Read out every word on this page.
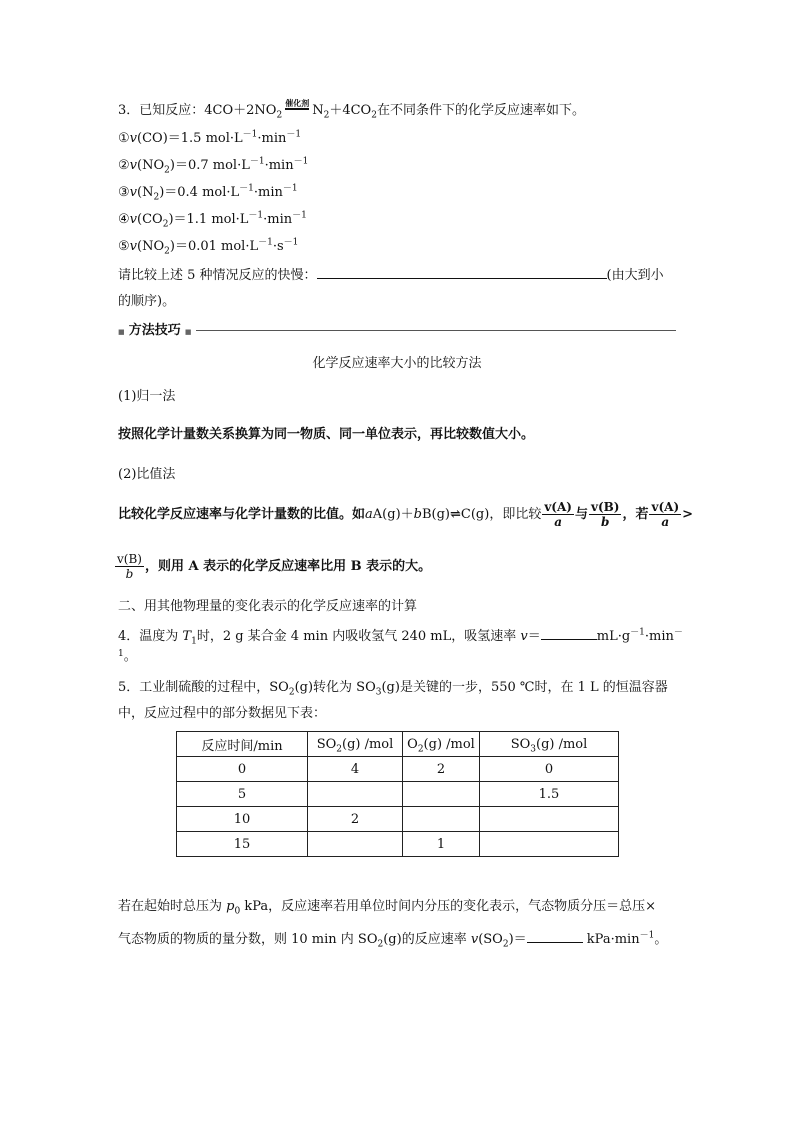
3．已知反应：$4CO+2NO_2$催化剂 $N_2+4CO_2$在不同条件下的化学反应速率如下。
①v(CO)＝1.5 $mol\cdot L^{-1}\cdot\min^{-1}$
$②v(NO_2)=0.7$ $mol\cdot L^{-1}\cdot\min^{-1}$
$③v(N_2)=0.4$ $mol\cdot L^{-1}\cdot\min^{-1}$
$④v(CO_2)=1.1$ $mol\cdot L^{-1}\cdot\min^{-1}$
$⑤v(NO_2)=0.01$ $mol\cdot L^{-1}\cdot s^{-1}$
请比较上述 5 种情况反应的快慢：	(由大到小
的顺序)。
■ 方法技巧 ■
化学反应速率大小的比较方法
(1)归一法
按照化学计量数关系换算为同一物质、同一单位表示，再比较数值大小。
(2)比值法
比较化学反应速率与化学计量数的比值。如aA(g)＋bB(g)⇌C(g)，即比较 $\frac{v(A)}{a}$ 与 $\frac{v(B)}{b}$ ，若 $\frac{v(A)}{a}$ >
$\frac{v(B)}{b}$ ，则用 A 表示的化学反应速率比用 B 表示的大。
二、用其他物理量的变化表示的化学反应速率的计算
4．温度为 $T_1$时，2 g 某合金 4 min 内吸收氢气 240 mL，吸氢速率 v＝	$mL\cdot g^{-1}\cdot\min^-$
$^1$。
5．工业制硫酸的过程中，$SO_2(g)$转化为 $SO_3(g)$是关键的一步，550 ℃时，在 1 L 的恒温容器
中，反应过程中的部分数据见下表：
反应时间/min	$SO_2(g)$ /mol	$O_2(g)$ /mol	$SO_3(g)$ /mol
0	4	2	0
5			1.5
10	2		
15		1	
若在起始时总压为 $p_0$ kPa，反应速率若用单位时间内分压的变化表示，气态物质分压＝总压×
气态物质的物质的量分数，则 10 min 内 $SO_2(g)$的反应速率 $v(SO_2)=$	$kPa\cdot\min^{-1}$。
